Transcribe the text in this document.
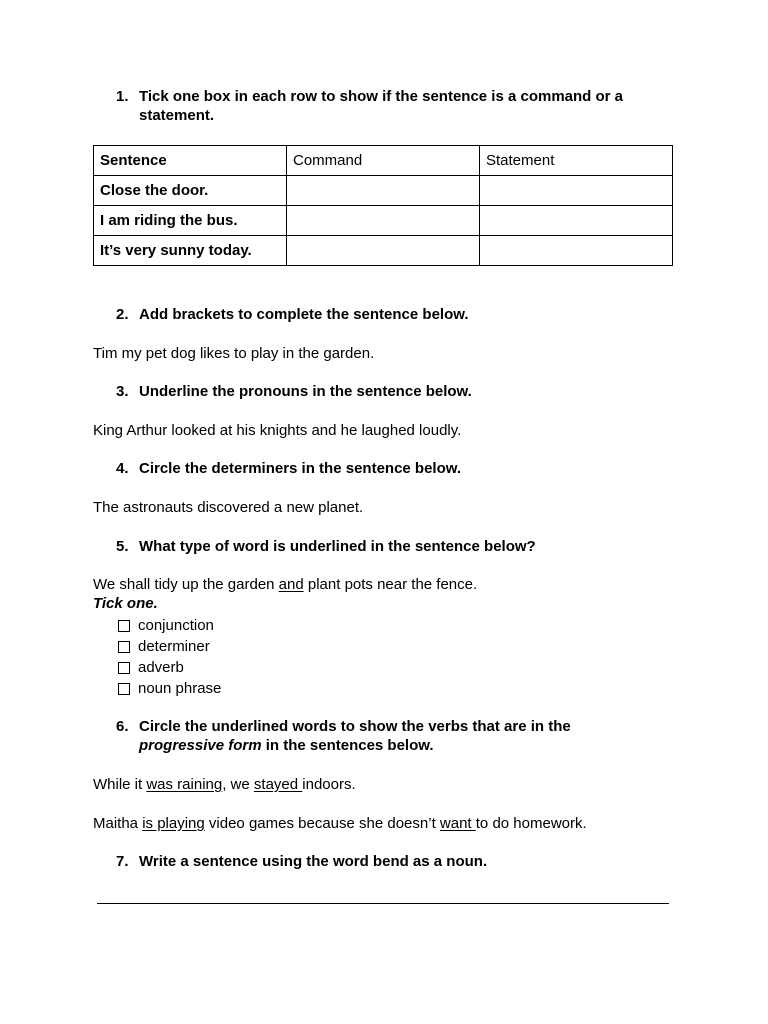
1. Tick one box in each row to show if the sentence is a command or a statement.
Sentence	Command	Statement
Close the door.		
I am riding the bus.		
It’s very sunny today.		
2. Add brackets to complete the sentence below.
Tim my pet dog likes to play in the garden.
3. Underline the pronouns in the sentence below.
King Arthur looked at his knights and he laughed loudly.
4. Circle the determiners in the sentence below.
The astronauts discovered a new planet.
5. What type of word is underlined in the sentence below?
We shall tidy up the garden and plant pots near the fence.
Tick one.
conjunction
determiner
adverb
noun phrase
6. Circle the underlined words to show the verbs that are in the
progressive form in the sentences below.
While it was raining, we stayed indoors.
Maitha is playing video games because she doesn’t want to do homework.
7. Write a sentence using the word bend as a noun.
